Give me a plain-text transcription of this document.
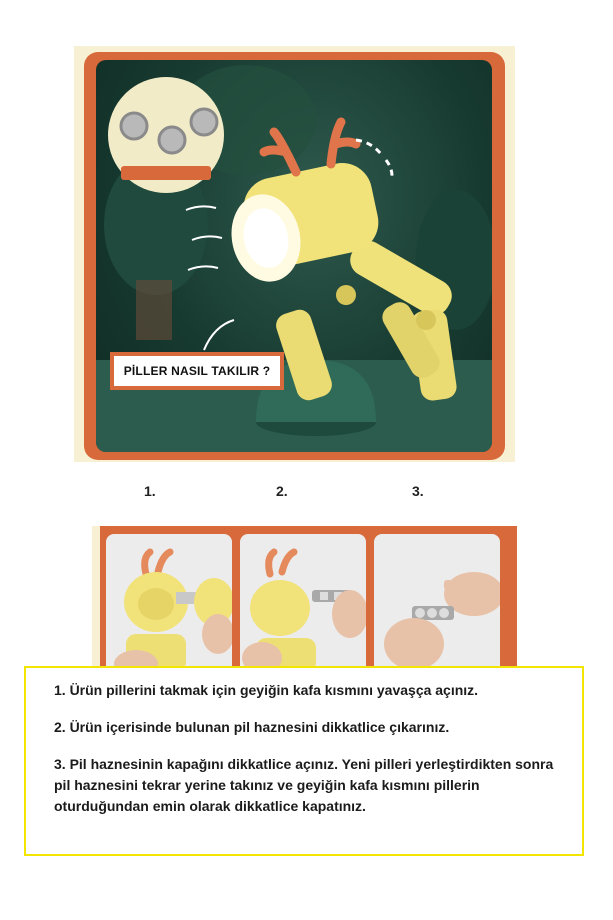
PİLLER NASIL TAKILIR ?
1.	2.	3.

1. Ürün pillerini takmak için geyiğin kafa kısmını yavaşça açınız.

2. Ürün içerisinde bulunan pil haznesini dikkatlice çıkarınız.

3. Pil haznesinin kapağını dikkatlice açınız. Yeni pilleri yerleştirdikten sonra pil haznesini tekrar yerine takınız ve geyiğin kafa kısmını pillerin oturduğundan emin olarak dikkatlice kapatınız.
